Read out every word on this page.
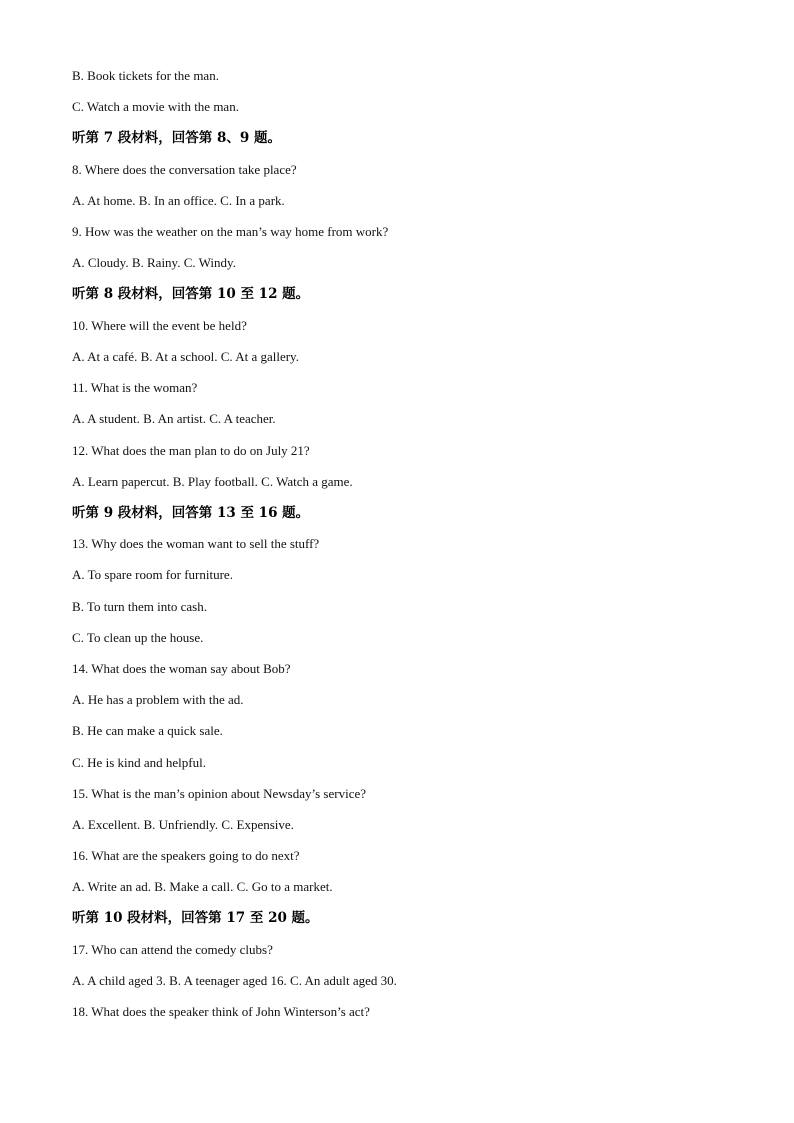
B. Book tickets for the man.
C. Watch a movie with the man.
听第 7 段材料，回答第 8、9 题。
8. Where does the conversation take place?
A. At home. B. In an office. C. In a park.
9. How was the weather on the man’s way home from work?
A. Cloudy. B. Rainy. C. Windy.
听第 8 段材料，回答第 10 至 12 题。
10. Where will the event be held?
A. At a café. B. At a school. C. At a gallery.
11. What is the woman?
A. A student. B. An artist. C. A teacher.
12. What does the man plan to do on July 21?
A. Learn papercut. B. Play football. C. Watch a game.
听第 9 段材料，回答第 13 至 16 题。
13. Why does the woman want to sell the stuff?
A. To spare room for furniture.
B. To turn them into cash.
C. To clean up the house.
14. What does the woman say about Bob?
A. He has a problem with the ad.
B. He can make a quick sale.
C. He is kind and helpful.
15. What is the man’s opinion about Newsday’s service?
A. Excellent. B. Unfriendly. C. Expensive.
16. What are the speakers going to do next?
A. Write an ad. B. Make a call. C. Go to a market.
听第 10 段材料，回答第 17 至 20 题。
17. Who can attend the comedy clubs?
A. A child aged 3. B. A teenager aged 16. C. An adult aged 30.
18. What does the speaker think of John Winterson’s act?
